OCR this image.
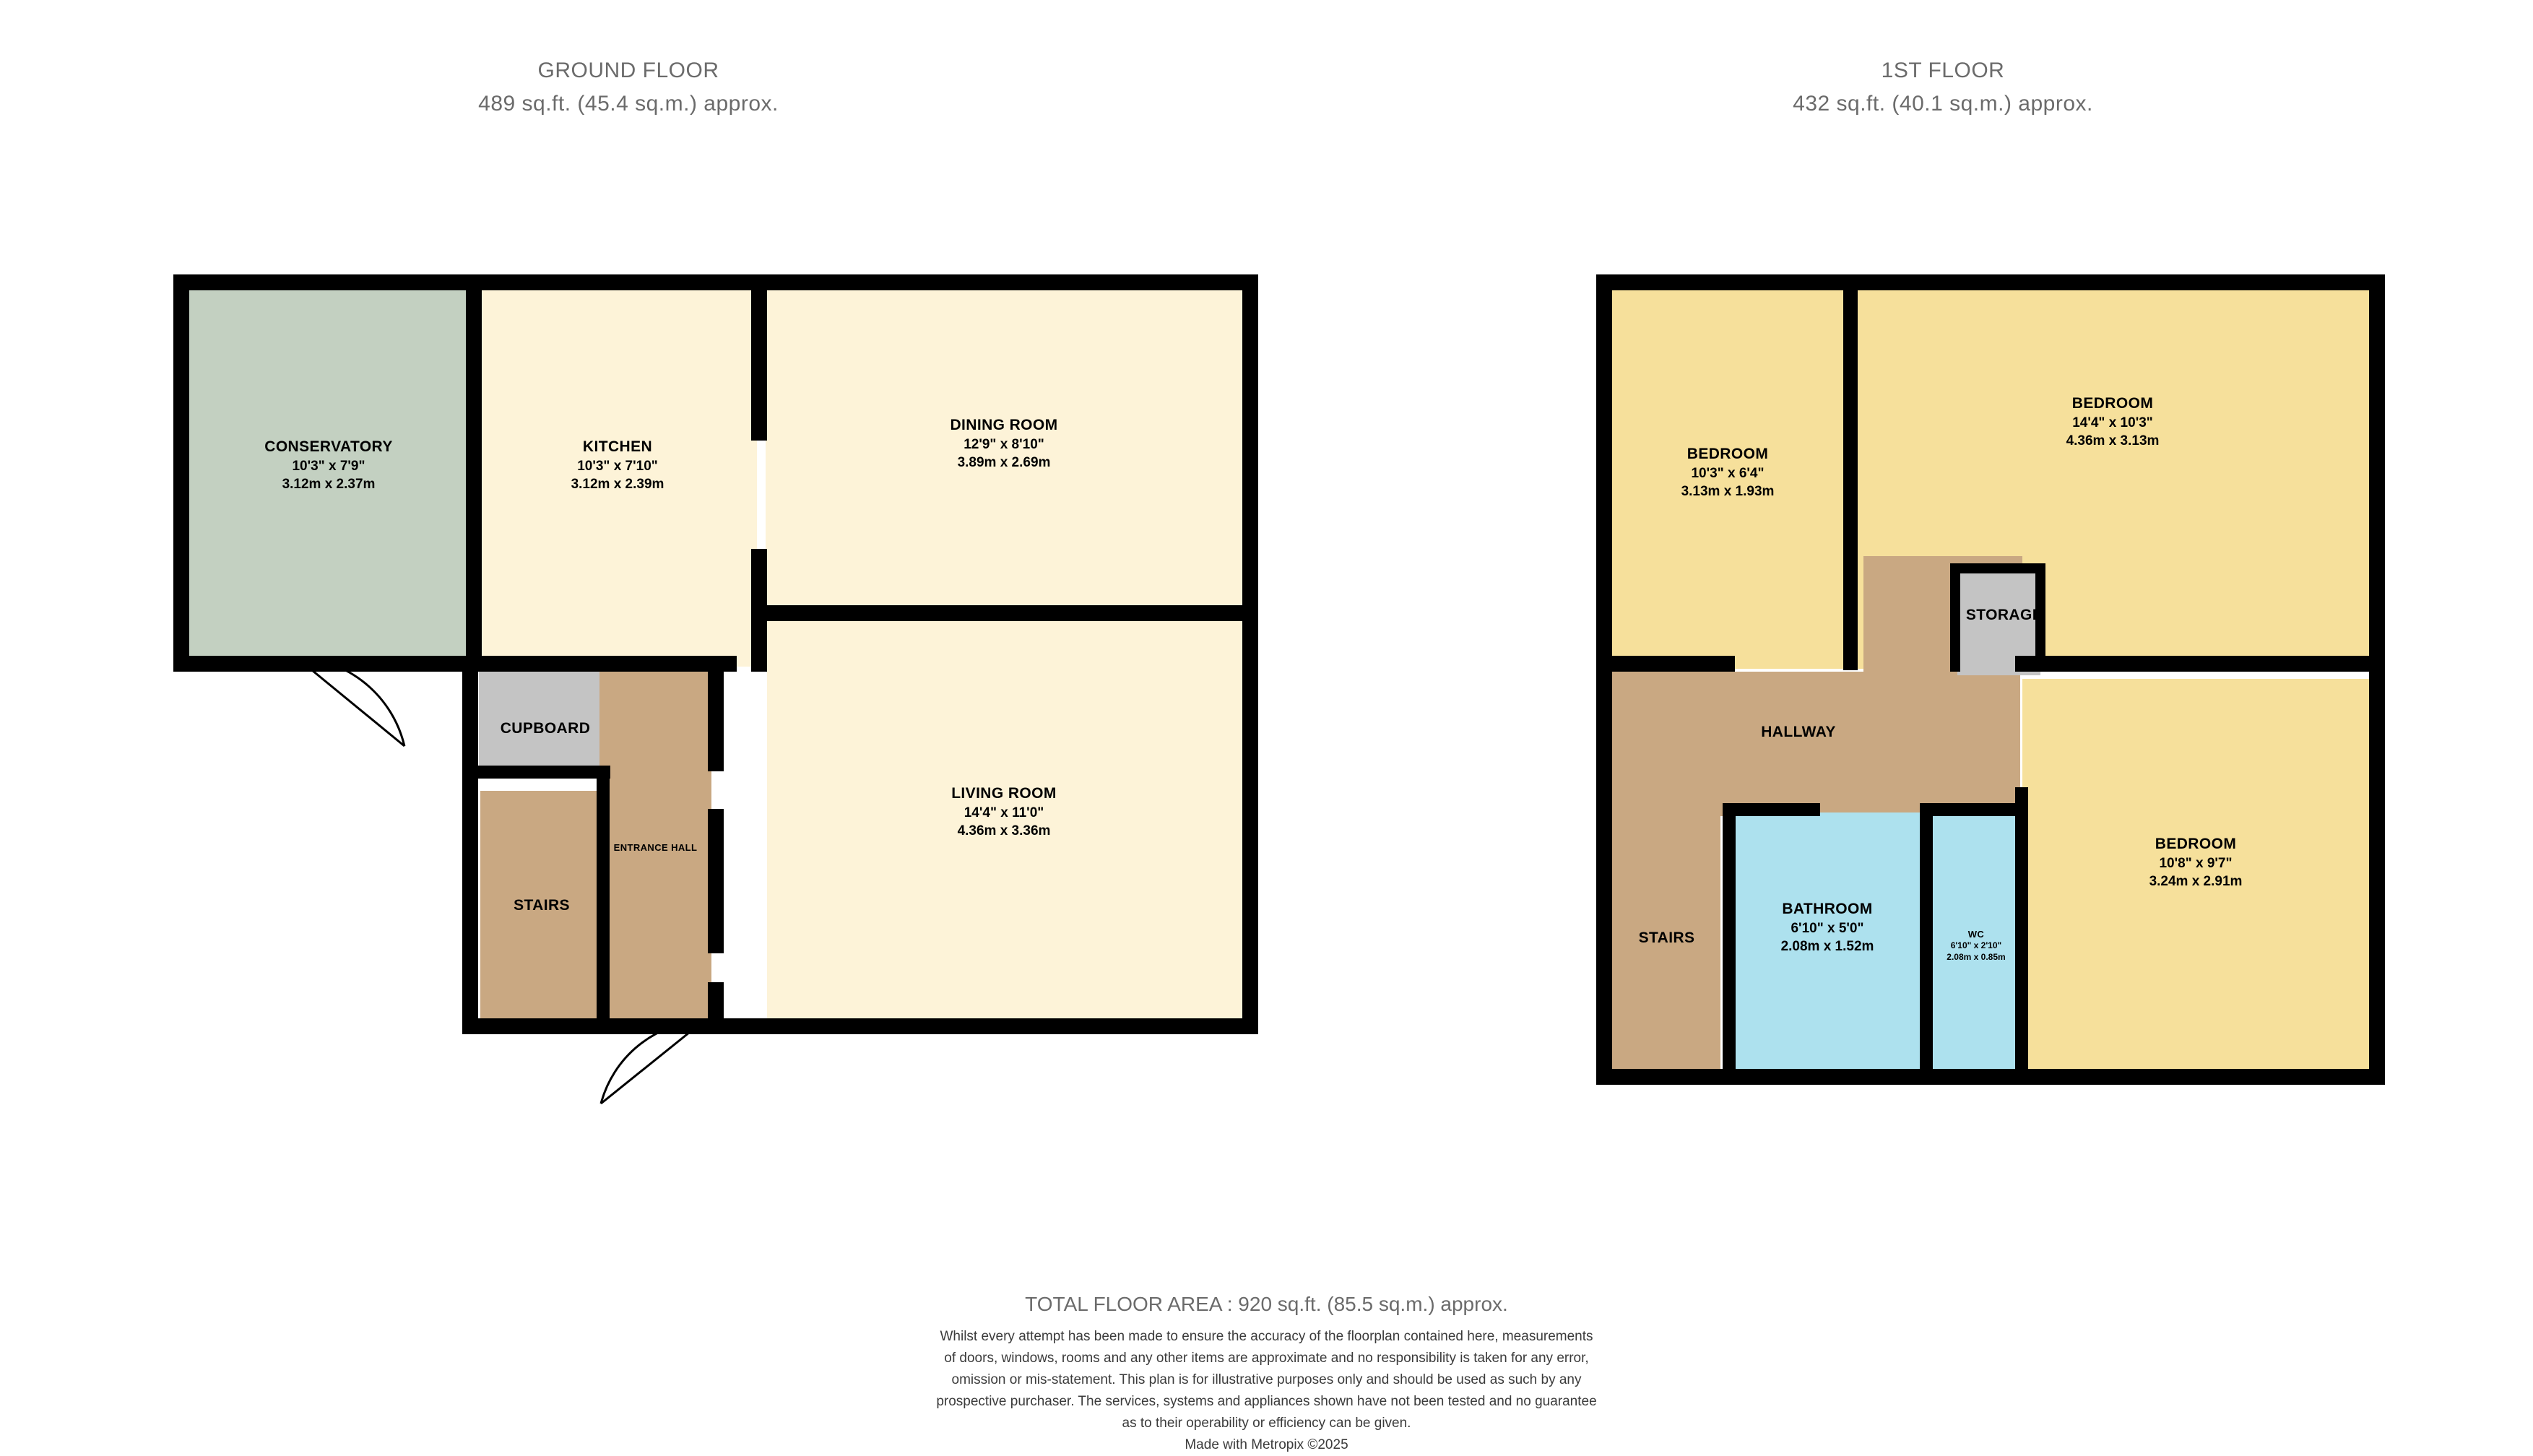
GROUND FLOOR
489 sq.ft. (45.4 sq.m.) approx.
CONSERVATORY
10'3" x 7'9"
3.12m x 2.37m
KITCHEN
10'3" x 7'10"
3.12m x 2.39m
DINING ROOM
12'9" x 8'10"
3.89m x 2.69m
LIVING ROOM
14'4" x 11'0"
4.36m x 3.36m
CUPBOARD
ENTRANCE HALL
STAIRS
1ST FLOOR
432 sq.ft. (40.1 sq.m.) approx.
BEDROOM
10'3" x 6'4"
3.13m x 1.93m
BEDROOM
14'4" x 10'3"
4.36m x 3.13m
BEDROOM
10'8" x 9'7"
3.24m x 2.91m
STORAGE
HALLWAY
BATHROOM
6'10" x 5'0"
2.08m x 1.52m
WC
6'10" x 2'10"
2.08m x 0.85m
STAIRS
TOTAL FLOOR AREA : 920 sq.ft. (85.5 sq.m.) approx.
Whilst every attempt has been made to ensure the accuracy of the floorplan contained here, measurements
of doors, windows, rooms and any other items are approximate and no responsibility is taken for any error,
omission or mis-statement. This plan is for illustrative purposes only and should be used as such by any
prospective purchaser. The services, systems and appliances shown have not been tested and no guarantee
as to their operability or efficiency can be given.
Made with Metropix ©2025
